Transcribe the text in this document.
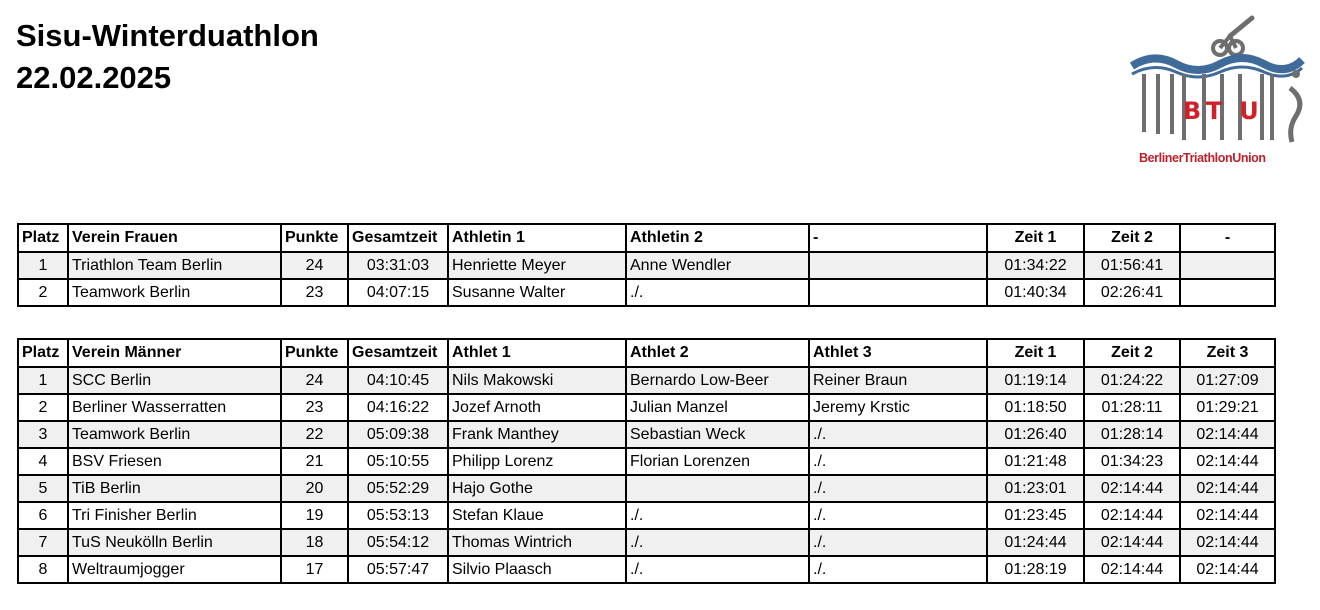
Sisu-Winterduathlon
22.02.2025
B T U
BerlinerTriathlonUnion
Platz	Verein Frauen	Punkte	Gesamtzeit	Athletin 1	Athletin 2	-	Zeit 1	Zeit 2	-
1	Triathlon Team Berlin	24	03:31:03	Henriette Meyer	Anne Wendler		01:34:22	01:56:41	
2	Teamwork Berlin	23	04:07:15	Susanne Walter	./.		01:40:34	02:26:41	
Platz	Verein Männer	Punkte	Gesamtzeit	Athlet 1	Athlet 2	Athlet 3	Zeit 1	Zeit 2	Zeit 3
1	SCC Berlin	24	04:10:45	Nils Makowski	Bernardo Low-Beer	Reiner Braun	01:19:14	01:24:22	01:27:09
2	Berliner Wasserratten	23	04:16:22	Jozef Arnoth	Julian Manzel	Jeremy Krstic	01:18:50	01:28:11	01:29:21
3	Teamwork Berlin	22	05:09:38	Frank Manthey	Sebastian Weck	./.	01:26:40	01:28:14	02:14:44
4	BSV Friesen	21	05:10:55	Philipp Lorenz	Florian Lorenzen	./.	01:21:48	01:34:23	02:14:44
5	TiB Berlin	20	05:52:29	Hajo Gothe		./.	01:23:01	02:14:44	02:14:44
6	Tri Finisher Berlin	19	05:53:13	Stefan Klaue	./.	./.	01:23:45	02:14:44	02:14:44
7	TuS Neukölln Berlin	18	05:54:12	Thomas Wintrich	./.	./.	01:24:44	02:14:44	02:14:44
8	Weltraumjogger	17	05:57:47	Silvio Plaasch	./.	./.	01:28:19	02:14:44	02:14:44
